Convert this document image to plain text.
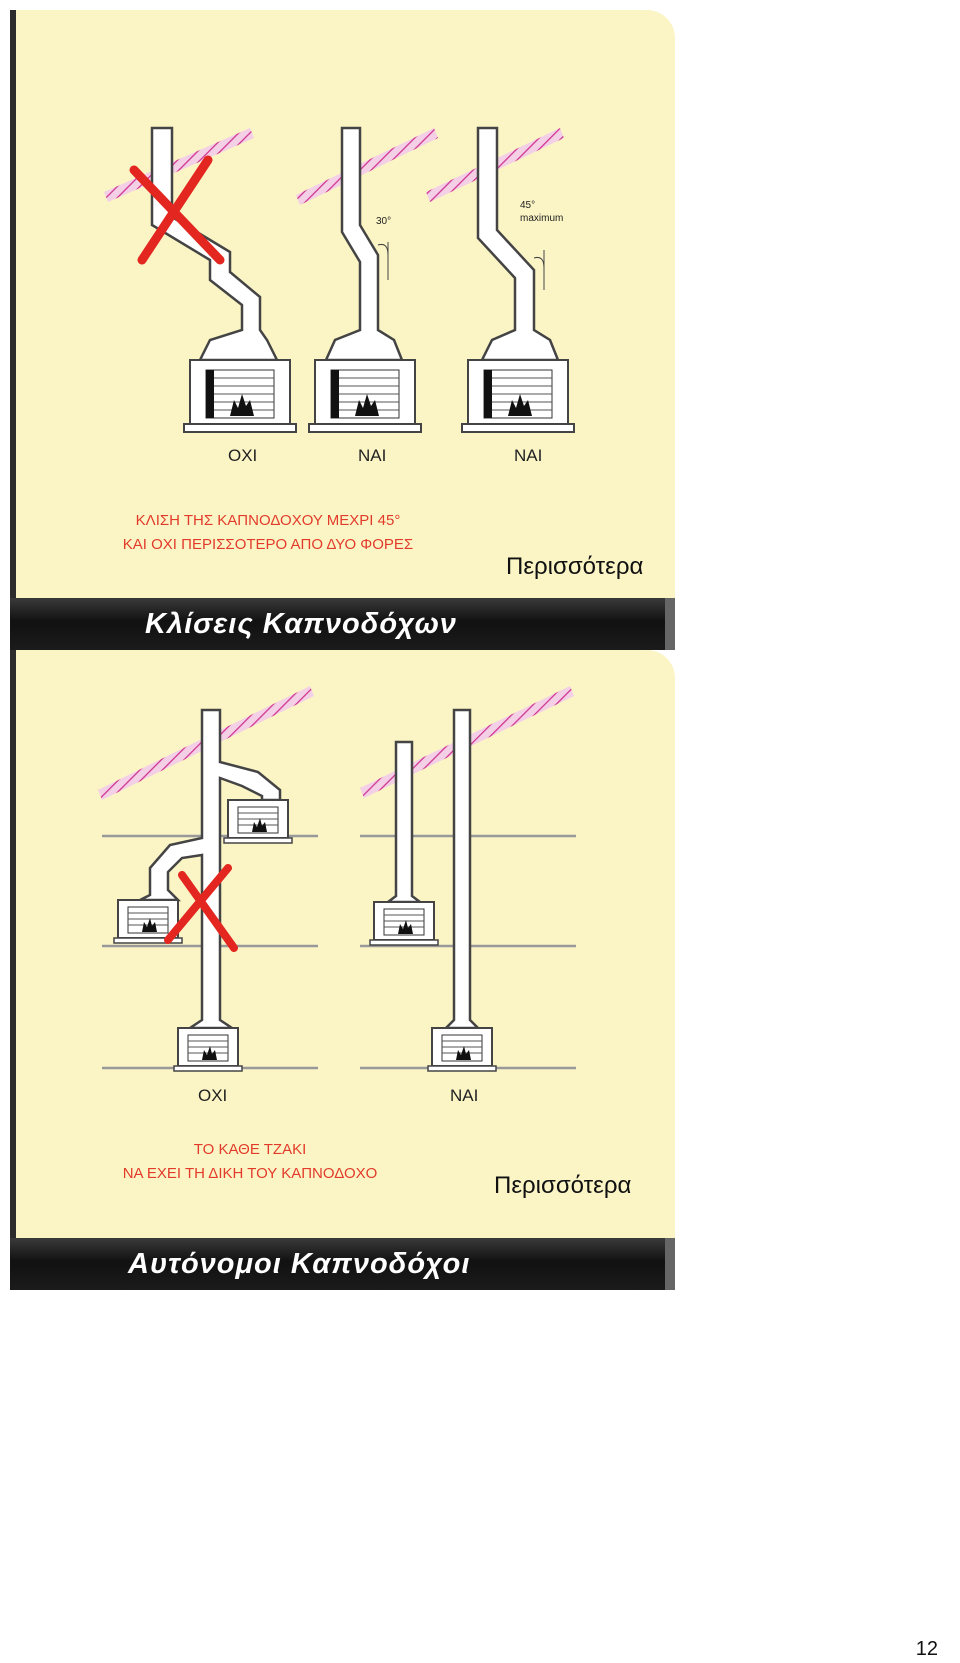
30°
45°
maximum
ΟΧΙ	ΝΑΙ	ΝΑΙ
ΚΛΙΣΗ ΤΗΣ ΚΑΠΝΟΔΟΧΟΥ ΜΕΧΡΙ 45°
ΚΑΙ ΟΧΙ ΠΕΡΙΣΣΟΤΕΡΟ ΑΠΟ ΔΥΟ ΦΟΡΕΣ
Περισσότερα
Κλίσεις Καπνοδόχων
ΟΧΙ	ΝΑΙ
ΤΟ ΚΑΘΕ ΤΖΑΚΙ
ΝΑ ΕΧΕΙ ΤΗ ΔΙΚΗ ΤΟΥ ΚΑΠΝΟΔΟΧΟ	Περισσότερα
Αυτόνομοι Καπνοδόχοι
12
